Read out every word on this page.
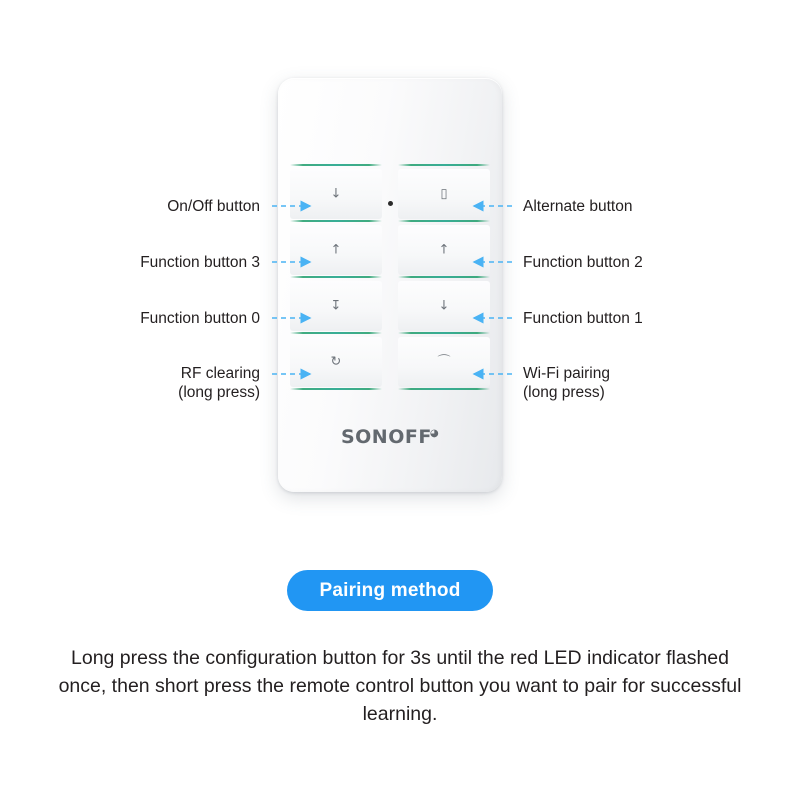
↓	▯
↑	↑
↧	↓
↻	⌒
SONOFF◕
On/Off button
Function button 3
Function button 0
RF clearing
(long press)
Alternate button
Function button 2
Function button 1
Wi-Fi pairing
(long press)
Pairing method

Long press the configuration button for 3s until the red LED indicator flashed once, then short press the remote control button you want to pair for successful learning.
